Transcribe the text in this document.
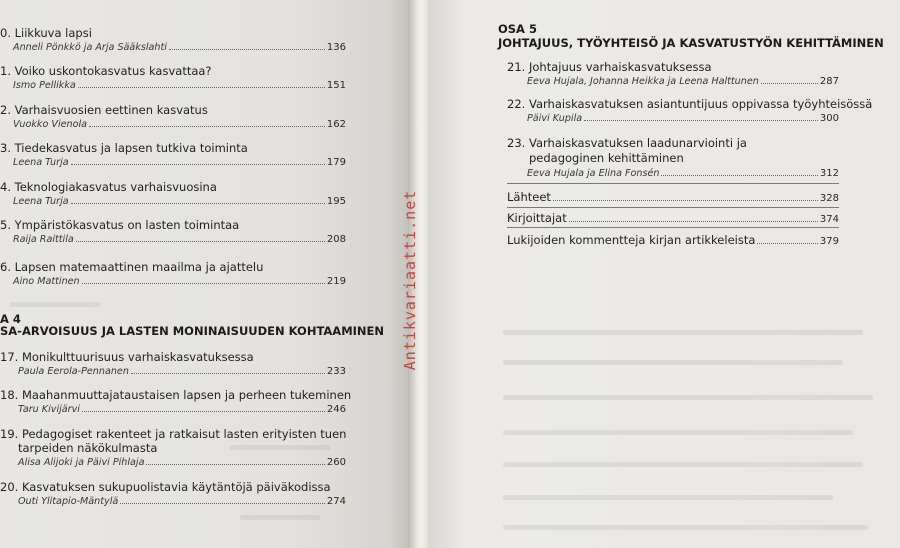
0. Liikkuva lapsi
Anneli Pönkkö ja Arja Sääkslahti	136
1. Voiko uskontokasvatus kasvattaa?
Ismo Pellikka	151
2. Varhaisvuosien eettinen kasvatus
Vuokko Vienola	162
3. Tiedekasvatus ja lapsen tutkiva toiminta
Leena Turja	179
4. Teknologiakasvatus varhaisvuosina
Leena Turja	195
5. Ympäristökasvatus on lasten toimintaa
Raija Raittila	208
6. Lapsen matemaattinen maailma ja ajattelu
Aino Mattinen	219
A 4
SA-ARVOISUUS JA LASTEN MONINAISUUDEN KOHTAAMINEN
17. Monikulttuurisuus varhaiskasvatuksessa
Paula Eerola-Pennanen	233
18. Maahanmuuttajataustaisen lapsen ja perheen tukeminen
Taru Kivijärvi	246
19. Pedagogiset rakenteet ja ratkaisut lasten erityisten tuen
tarpeiden näkökulmasta
Alisa Alijoki ja Päivi Pihlaja	260
20. Kasvatuksen sukupuolistavia käytäntöjä päiväkodissa
Outi Ylitapio-Mäntylä	274
OSA 5
JOHTAJUUS, TYÖYHTEISÖ JA KASVATUSTYÖN KEHITTÄMINEN
21. Johtajuus varhaiskasvatuksessa
Eeva Hujala, Johanna Heikka ja Leena Halttunen	287
22. Varhaiskasvatuksen asiantuntijuus oppivassa työyhteisössä
Päivi Kupila	300
23. Varhaiskasvatuksen laadunarviointi ja
pedagoginen kehittäminen
Eeva Hujala ja Elina Fonsén	312
Lähteet	328
Kirjoittajat	374
Lukijoiden kommentteja kirjan artikkeleista	379
Antikvariaatti.net
